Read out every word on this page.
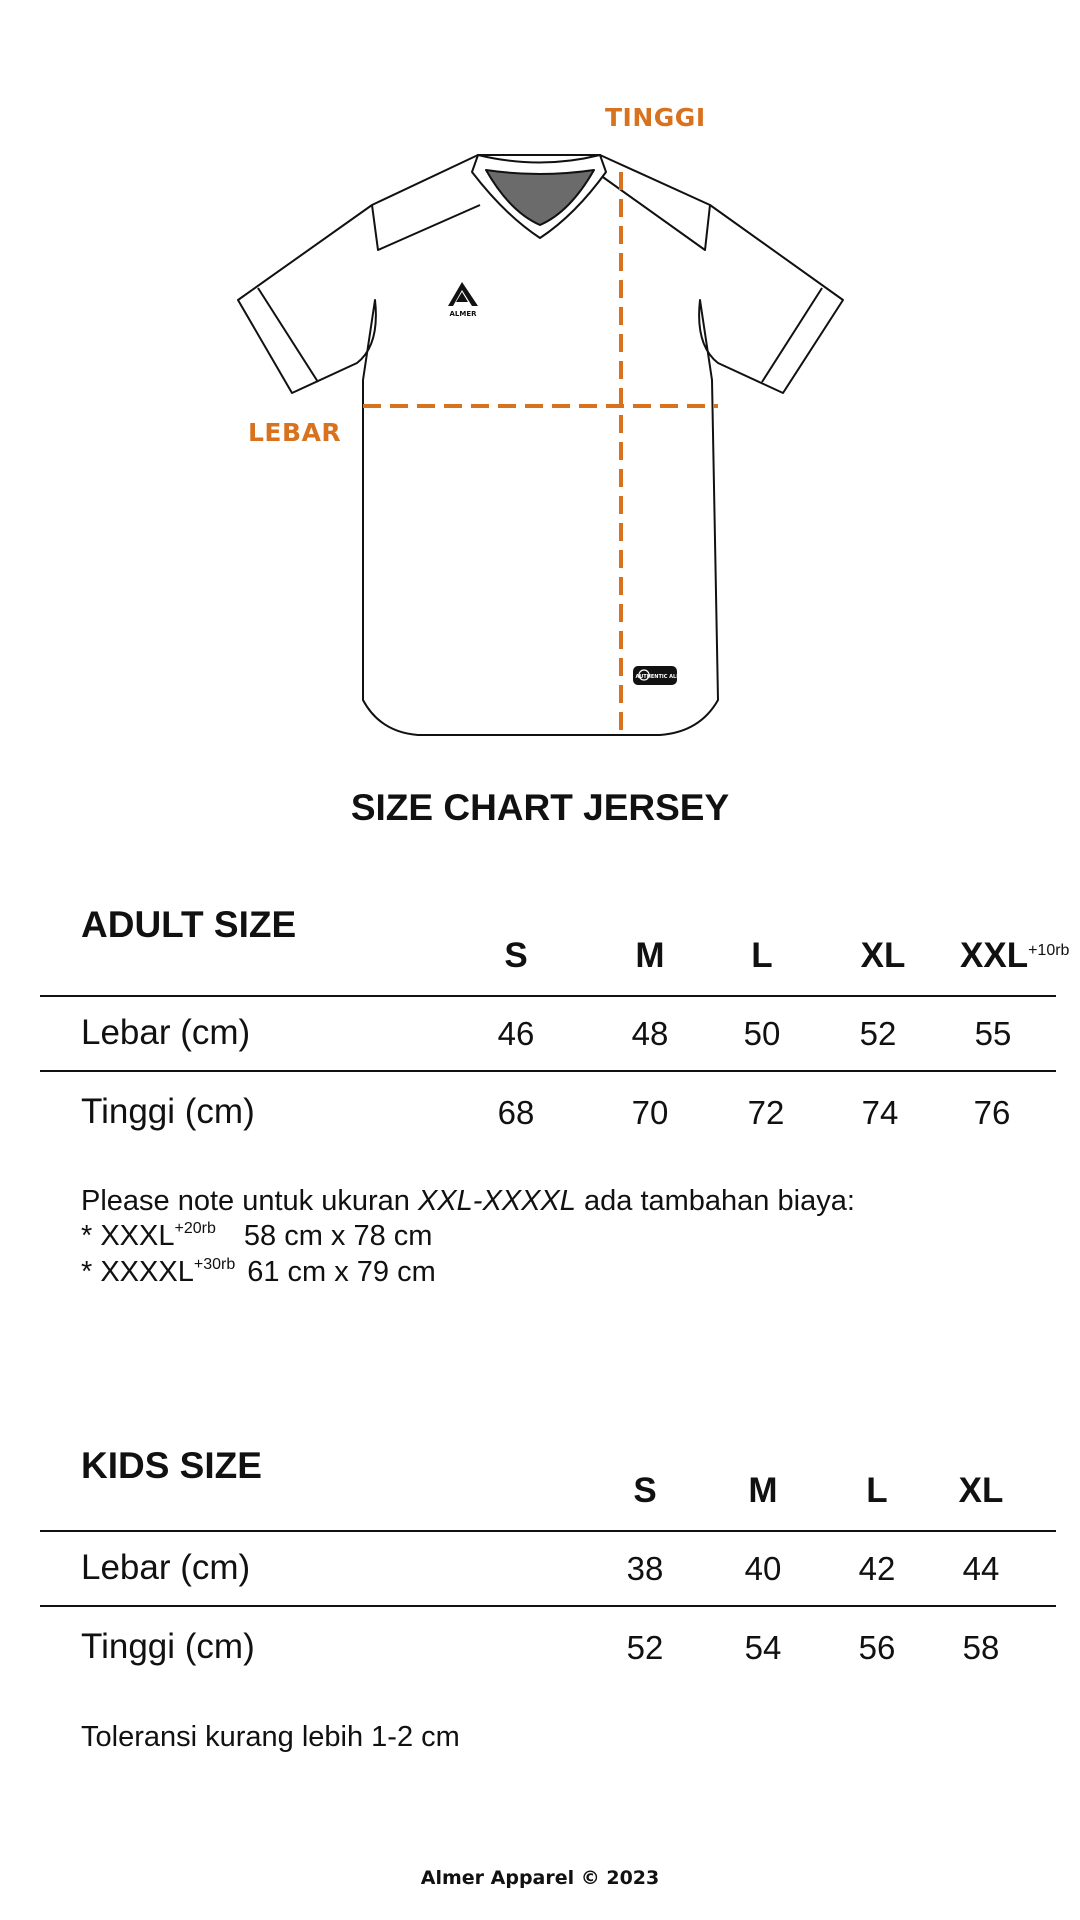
ALMER
AUTHENTIC ALMER
TINGGI
LEBAR
SIZE CHART JERSEY
ADULT SIZE
S	M	L	XL	$XXL^{+10rb}$
Lebar (cm)	46	48	50	52	55
Tinggi (cm)	68	70	72	74	76
Please note untuk ukuran XXL-XXXXL ada tambahan biaya:
* $XXXL^{+20rb}$ 58 cm x 78 cm
* $XXXXL^{+30rb}$ 61 cm x 79 cm
KIDS SIZE
S	M	L	XL
Lebar (cm)	38	40	42	44
Tinggi (cm)	52	54	56	58
Toleransi kurang lebih 1-2 cm
Almer Apparel © 2023
